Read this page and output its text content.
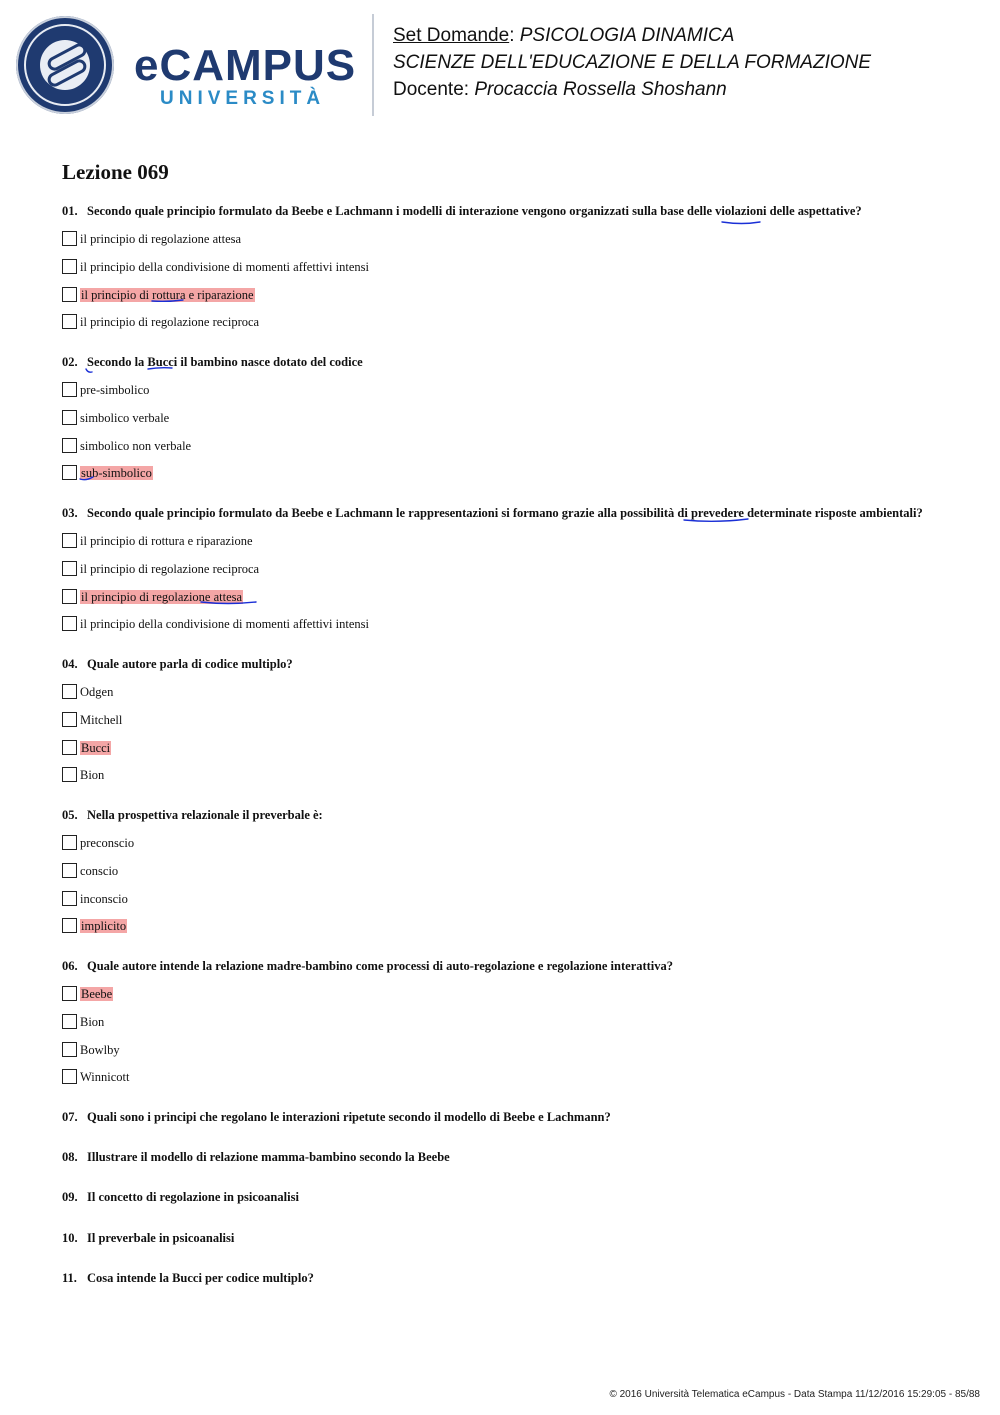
eCAMPUS
UNIVERSITÀ
Set Domande: PSICOLOGIA DINAMICA
SCIENZE DELL'EDUCAZIONE E DELLA FORMAZIONE
Docente: Procaccia Rossella Shoshann
Lezione 069
01. Secondo quale principio formulato da Beebe e Lachmann i modelli di interazione vengono organizzati sulla base delle violazioni delle aspettative?
il principio di regolazione attesa
il principio della condivisione di momenti affettivi intensi
il principio di rottura e riparazione
il principio di regolazione reciproca
02. Secondo la Bucci il bambino nasce dotato del codice
pre-simbolico
simbolico verbale
simbolico non verbale
sub-simbolico
03. Secondo quale principio formulato da Beebe e Lachmann le rappresentazioni si formano grazie alla possibilità di prevedere determinate risposte ambientali?
il principio di rottura e riparazione
il principio di regolazione reciproca
il principio di regolazione attesa
il principio della condivisione di momenti affettivi intensi
04. Quale autore parla di codice multiplo?
Odgen
Mitchell
Bucci
Bion
05. Nella prospettiva relazionale il preverbale è:
preconscio
conscio
inconscio
implicito
06. Quale autore intende la relazione madre-bambino come processi di auto-regolazione e regolazione interattiva?
Beebe
Bion
Bowlby
Winnicott
07. Quali sono i principi che regolano le interazioni ripetute secondo il modello di Beebe e Lachmann?
08. Illustrare il modello di relazione mamma-bambino secondo la Beebe
09. Il concetto di regolazione in psicoanalisi
10. Il preverbale in psicoanalisi
11. Cosa intende la Bucci per codice multiplo?
© 2016 Università Telematica eCampus - Data Stampa 11/12/2016 15:29:05 - 85/88
